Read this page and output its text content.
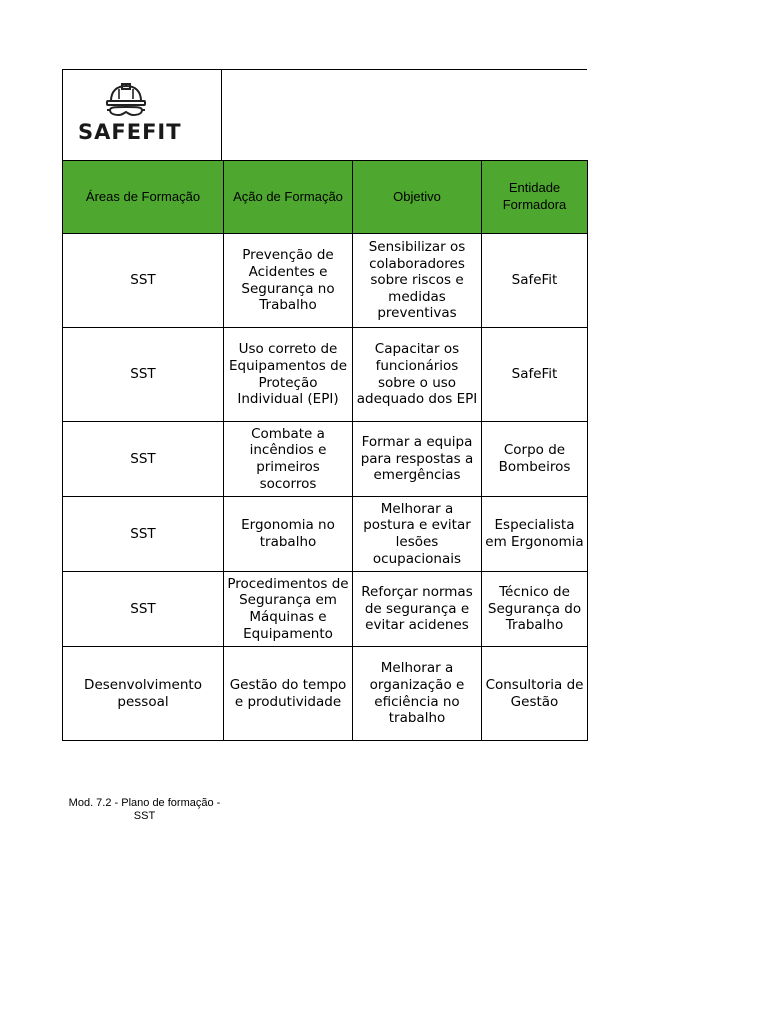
SAFEFIT
Áreas de Formação	Ação de Formação	Objetivo	Entidade Formadora
SST	Prevenção de Acidentes e Segurança no Trabalho	Sensibilizar os colaboradores sobre riscos e medidas preventivas	SafeFit
SST	Uso correto de Equipamentos de Proteção Individual (EPI)	Capacitar os funcionários sobre o uso adequado dos EPI	SafeFit
SST	Combate a incêndios e primeiros socorros	Formar a equipa para respostas a emergências	Corpo de Bombeiros
SST	Ergonomia no trabalho	Melhorar a postura e evitar lesões ocupacionais	Especialista em Ergonomia
SST	Procedimentos de Segurança em Máquinas e Equipamento	Reforçar normas de segurança e evitar acidenes	Técnico de Segurança do Trabalho
Desenvolvimento pessoal	Gestão do tempo e produtividade	Melhorar a organização e eficiência no trabalho	Consultoria de Gestão
Mod. 7.2 - Plano de formação - SST
